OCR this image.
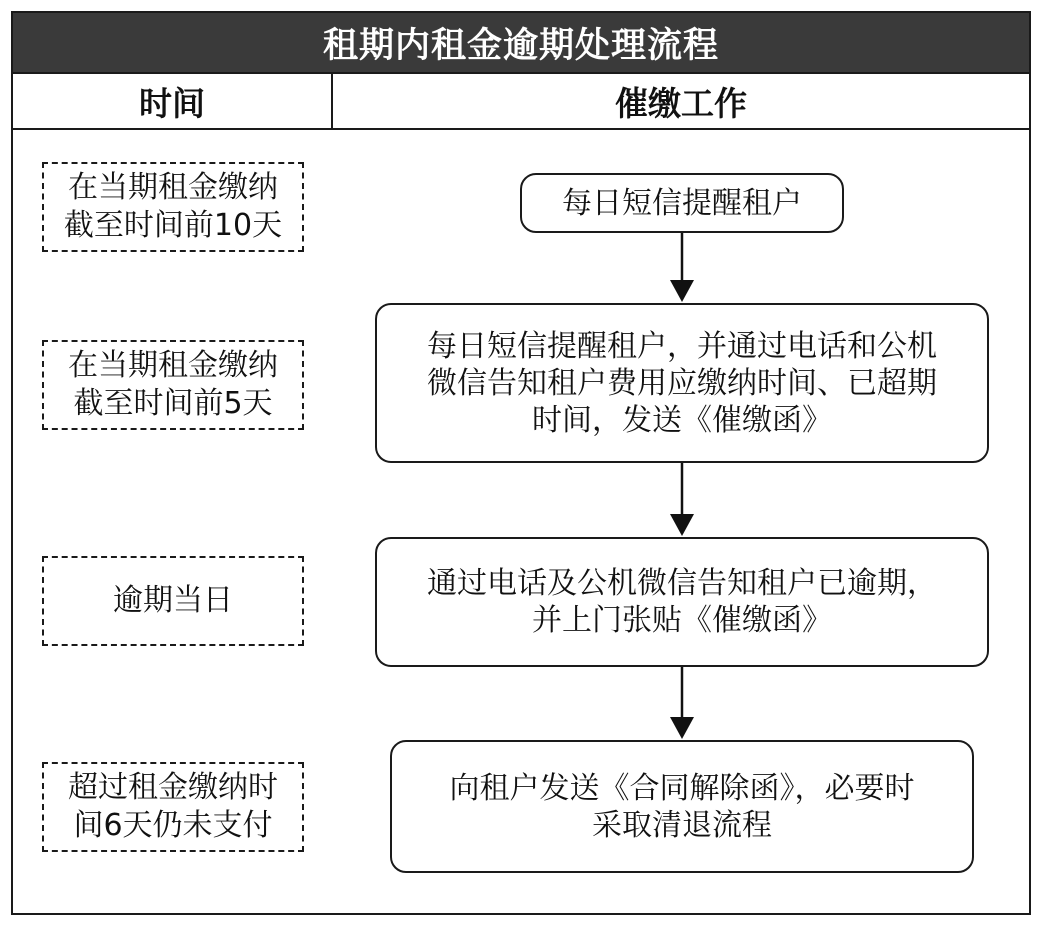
租期内租金逾期处理流程
时间	催缴工作
在当期租金缴纳
截至时间前10天
在当期租金缴纳
截至时间前5天
逾期当日
超过租金缴纳时
间6天仍未支付
每日短信提醒租户
每日短信提醒租户，并通过电话和公机
微信告知租户费用应缴纳时间、已超期
时间，发送《催缴函》
通过电话及公机微信告知租户已逾期，
并上门张贴《催缴函》
向租户发送《合同解除函》，必要时
采取清退流程
